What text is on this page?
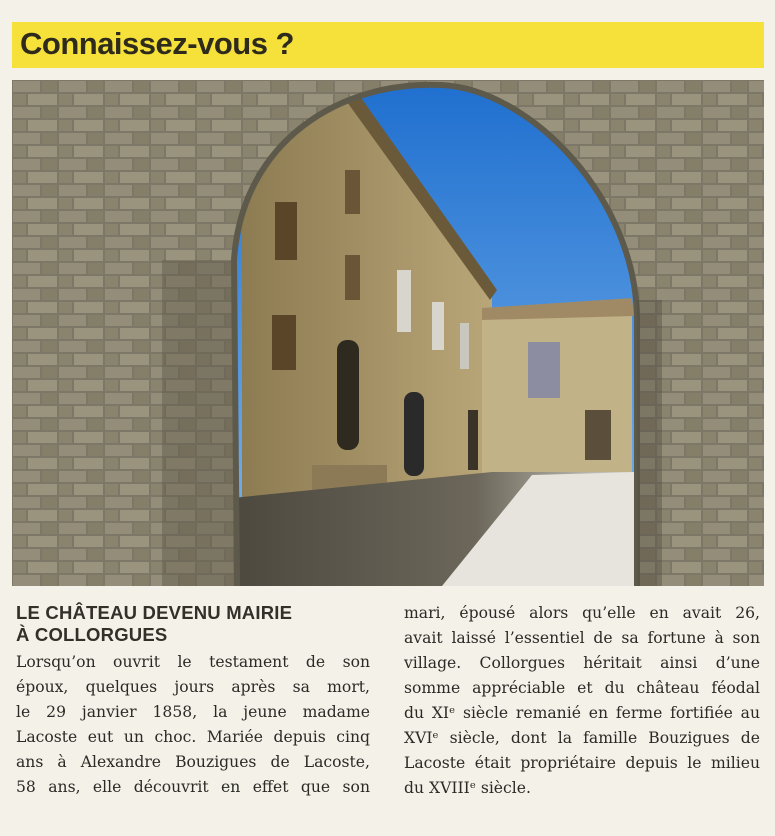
Connaissez-vous ?
LE CHÂTEAU DEVENU MAIRIE
À COLLORGUES
Lorsqu’on ouvrit le testament de son
époux, quelques jours après sa mort,
le 29 janvier 1858, la jeune madame
Lacoste eut un choc. Mariée depuis cinq
ans à Alexandre Bouzigues de Lacoste,
58 ans, elle découvrit en effet que son
mari, épousé alors qu’elle en avait 26,
avait laissé l’essentiel de sa fortune à son
village. Collorgues héritait ainsi d’une
somme appréciable et du château féodal
du XIᵉ siècle remanié en ferme fortifiée au
XVIᵉ siècle, dont la famille Bouzigues de
Lacoste était propriétaire depuis le milieu
du XVIIIᵉ siècle.
